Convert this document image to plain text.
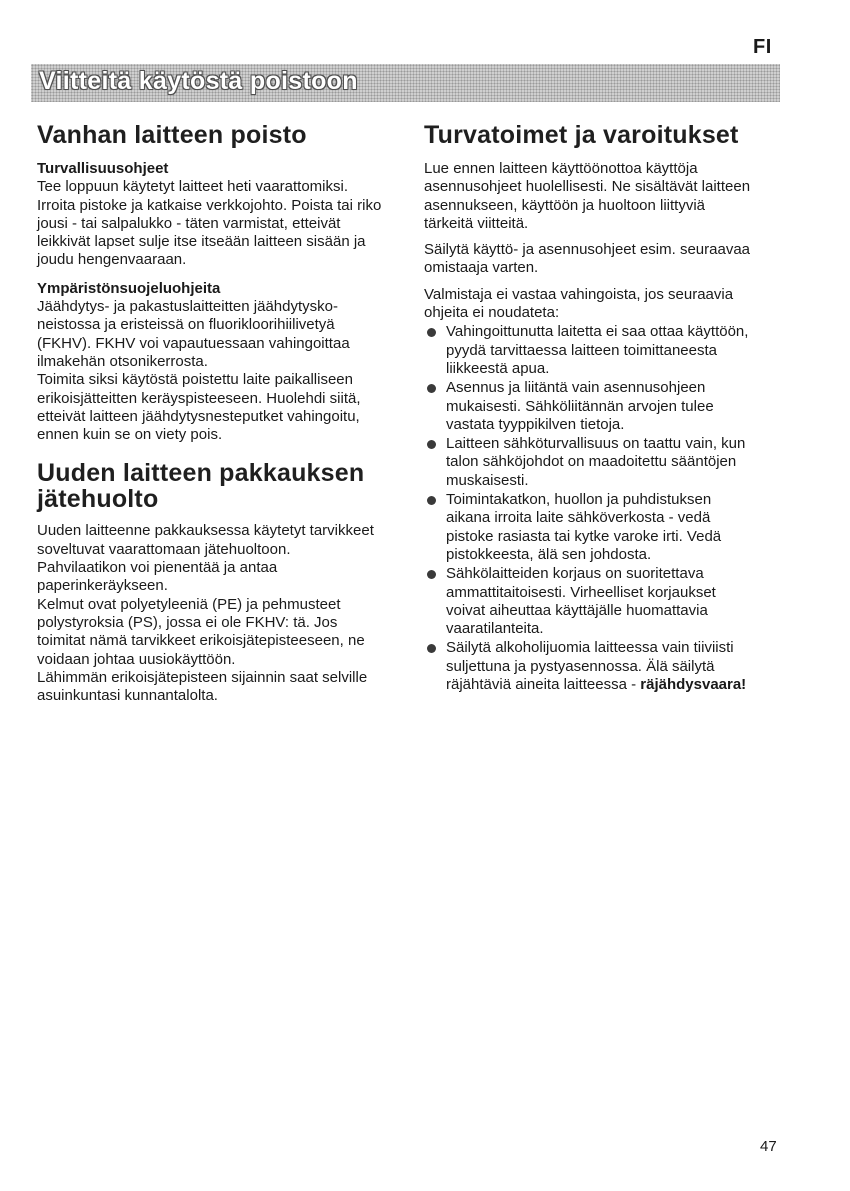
FI
Viitteitä käytöstä poistoon
Vanhan laitteen poisto
Turvallisuusohjeet

Tee loppuun käytetyt laitteet heti vaarattomiksi. Irroita pistoke ja katkaise verkkojohto. Poista tai riko jousi - tai salpalukko - täten varmistat, etteivät leikkivät lapset sulje itse itseään laitteen sisään ja joudu hengenvaaraan.

Ympäristönsuojeluohjeita

Jäähdytys- ja pakastuslaitteitten jäähdytysko-neistossa ja eristeissä on fluorikloorihiilivetyä (FKHV). FKHV voi vapautuessaan vahingoittaa ilmakehän otsonikerrosta.

Toimita siksi käytöstä poistettu laite paikalliseen erikoisjätteitten keräyspisteeseen. Huolehdi siitä, etteivät laitteen jäähdytysnesteputket vahingoitu, ennen kuin se on viety pois.

Uuden laitteen pakkauksen jätehuolto

Uuden laitteenne pakkauksessa käytetyt tarvikkeet soveltuvat vaarattomaan jätehuoltoon.

Pahvilaatikon voi pienentää ja antaa paperinkeräykseen.

Kelmut ovat polyetyleeniä (PE) ja pehmusteet polystyroksia (PS), jossa ei ole FKHV: tä. Jos toimitat nämä tarvikkeet erikoisjätepisteeseen, ne voidaan johtaa uusiokäyttöön.

Lähimmän erikoisjätepisteen sijainnin saat selville asuinkuntasi kunnantalolta.

Turvatoimet ja varoitukset

Lue ennen laitteen käyttöönottoa käyttöja asennusohjeet huolellisesti. Ne sisältävät laitteen asennukseen, käyttöön ja huoltoon liittyviä tärkeitä viitteitä.

Säilytä käyttö- ja asennusohjeet esim. seuraavaa omistaaja varten.

Valmistaja ei vastaa vahingoista, jos seuraavia ohjeita ei noudateta:

Vahingoittunutta laitetta ei saa ottaa käyttöön, pyydä tarvittaessa laitteen toimittaneesta liikkeestä apua.
Asennus ja liitäntä vain asennusohjeen mukaisesti. Sähköliitännän arvojen tulee vastata tyyppikilven tietoja.
Laitteen sähköturvallisuus on taattu vain, kun talon sähköjohdot on maadoitettu sääntöjen muskaisesti.
Toimintakatkon, huollon ja puhdistuksen aikana irroita laite sähköverkosta - vedä pistoke rasiasta tai kytke varoke irti. Vedä pistokkeesta, älä sen johdosta.
Sähkölaitteiden korjaus on suoritettava ammattitaitoisesti. Virheelliset korjaukset voivat aiheuttaa käyttäjälle huomattavia vaaratilanteita.
Säilytä alkoholijuomia laitteessa vain tiiviisti suljettuna ja pystyasennossa. Älä säilytä räjähtäviä aineita laitteessa - räjähdysvaara!
47
